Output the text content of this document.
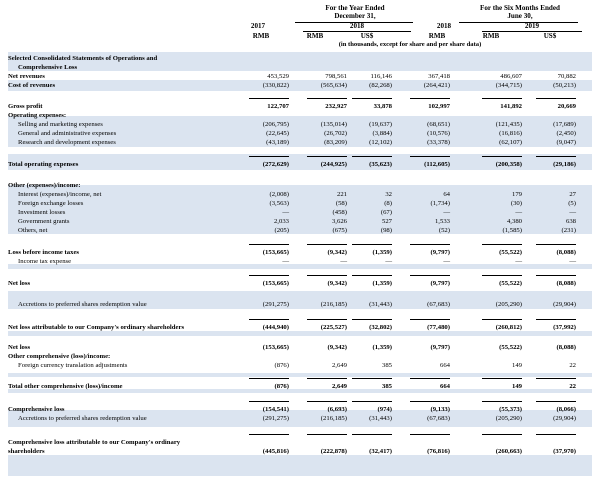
For the Year Ended
December 31,
For the Six Months Ended
June 30,
2017	2018	2018	2019
RMB	RMB	US$	RMB	RMB	US$
(in thousands, except for share and per share data)
Selected Consolidated Statements of Operations and
Comprehensive Loss
Net revenues	453,529	798,561	116,146	367,418	486,607	70,882
Cost of revenues	(330,822)	(565,634)	(82,268)	(264,421)	(344,715)	(50,213)
Gross profit	122,707	232,927	33,878	102,997	141,892	20,669
Operating expenses:
Selling and marketing expenses	(206,795)	(135,014)	(19,637)	(68,651)	(121,435)	(17,689)
General and administrative expenses	(22,645)	(26,702)	(3,884)	(10,576)	(16,816)	(2,450)
Research and development expenses	(43,189)	(83,209)	(12,102)	(33,378)	(62,107)	(9,047)
Total operating expenses	(272,629)	(244,925)	(35,623)	(112,605)	(200,358)	(29,186)
Other (expenses)/income:
Interest (expenses)/income, net	(2,008)	221	32	64	179	27
Foreign exchange losses	(3,563)	(58)	(8)	(1,734)	(30)	(5)
Investment losses	—	(458)	(67)	—	—	—
Government grants	2,033	3,626	527	1,533	4,380	638
Others, net	(205)	(675)	(98)	(52)	(1,585)	(231)
Loss before income taxes	(153,665)	(9,342)	(1,359)	(9,797)	(55,522)	(8,088)
Income tax expense	—	—	—	—	—	—
Net loss	(153,665)	(9,342)	(1,359)	(9,797)	(55,522)	(8,088)
Accretions to preferred shares redemption value	(291,275)	(216,185)	(31,443)	(67,683)	(205,290)	(29,904)
Net loss attributable to our Company's ordinary shareholders	(444,940)	(225,527)	(32,802)	(77,480)	(260,812)	(37,992)
Net loss	(153,665)	(9,342)	(1,359)	(9,797)	(55,522)	(8,088)
Other comprehensive (loss)/income:
Foreign currency translation adjustments	(876)	2,649	385	664	149	22
Total other comprehensive (loss)/income	(876)	2,649	385	664	149	22
Comprehensive loss	(154,541)	(6,693)	(974)	(9,133)	(55,373)	(8,066)
Accretions to preferred shares redemption value	(291,275)	(216,185)	(31,443)	(67,683)	(205,290)	(29,904)
Comprehensive loss attributable to our Company's ordinary
shareholders	(445,816)	(222,878)	(32,417)	(76,816)	(260,663)	(37,970)
